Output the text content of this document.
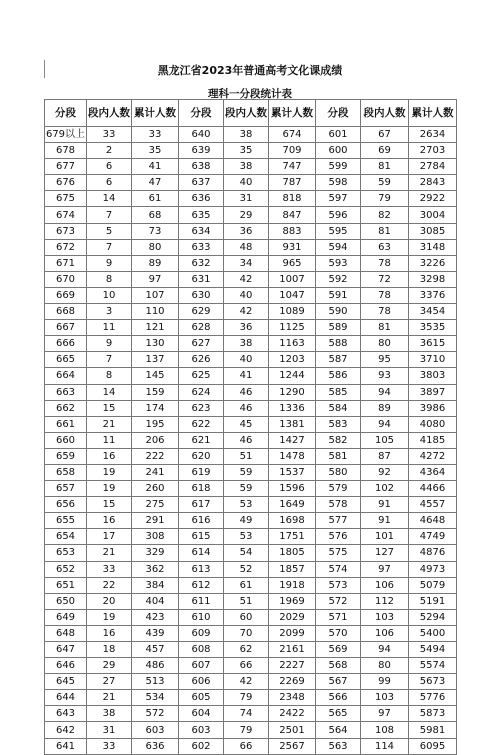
黑龙江省2023年普通高考文化课成绩
理科一分段统计表
分段	段内人数	累计人数	分段	段内人数	累计人数	分段	段内人数	累计人数
679以上	33	33	640	38	674	601	67	2634
678	2	35	639	35	709	600	69	2703
677	6	41	638	38	747	599	81	2784
676	6	47	637	40	787	598	59	2843
675	14	61	636	31	818	597	79	2922
674	7	68	635	29	847	596	82	3004
673	5	73	634	36	883	595	81	3085
672	7	80	633	48	931	594	63	3148
671	9	89	632	34	965	593	78	3226
670	8	97	631	42	1007	592	72	3298
669	10	107	630	40	1047	591	78	3376
668	3	110	629	42	1089	590	78	3454
667	11	121	628	36	1125	589	81	3535
666	9	130	627	38	1163	588	80	3615
665	7	137	626	40	1203	587	95	3710
664	8	145	625	41	1244	586	93	3803
663	14	159	624	46	1290	585	94	3897
662	15	174	623	46	1336	584	89	3986
661	21	195	622	45	1381	583	94	4080
660	11	206	621	46	1427	582	105	4185
659	16	222	620	51	1478	581	87	4272
658	19	241	619	59	1537	580	92	4364
657	19	260	618	59	1596	579	102	4466
656	15	275	617	53	1649	578	91	4557
655	16	291	616	49	1698	577	91	4648
654	17	308	615	53	1751	576	101	4749
653	21	329	614	54	1805	575	127	4876
652	33	362	613	52	1857	574	97	4973
651	22	384	612	61	1918	573	106	5079
650	20	404	611	51	1969	572	112	5191
649	19	423	610	60	2029	571	103	5294
648	16	439	609	70	2099	570	106	5400
647	18	457	608	62	2161	569	94	5494
646	29	486	607	66	2227	568	80	5574
645	27	513	606	42	2269	567	99	5673
644	21	534	605	79	2348	566	103	5776
643	38	572	604	74	2422	565	97	5873
642	31	603	603	79	2501	564	108	5981
641	33	636	602	66	2567	563	114	6095
